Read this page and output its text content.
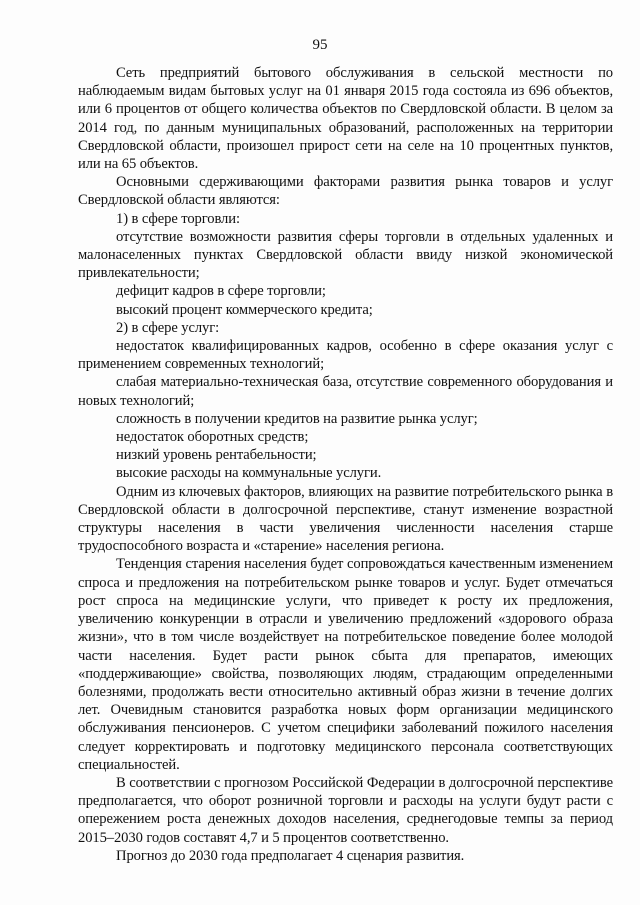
95

Сеть предприятий бытового обслуживания в сельской местности по наблюдаемым видам бытовых услуг на 01 января 2015 года состояла из 696 объектов, или 6 процентов от общего количества объектов по Свердловской области. В целом за 2014 год, по данным муниципальных образований, расположенных на территории Свердловской области, произошел прирост сети на селе на 10 процентных пунктов, или на 65 объектов.

Основными сдерживающими факторами развития рынка товаров и услуг Свердловской области являются:

1) в сфере торговли:

отсутствие возможности развития сферы торговли в отдельных удаленных и малонаселенных пунктах Свердловской области ввиду низкой экономической привлекательности;

дефицит кадров в сфере торговли;

высокий процент коммерческого кредита;

2) в сфере услуг:

недостаток квалифицированных кадров, особенно в сфере оказания услуг с применением современных технологий;

слабая материально-техническая база, отсутствие современного оборудования и новых технологий;

сложность в получении кредитов на развитие рынка услуг;

недостаток оборотных средств;

низкий уровень рентабельности;

высокие расходы на коммунальные услуги.

Одним из ключевых факторов, влияющих на развитие потребительского рынка в Свердловской области в долгосрочной перспективе, станут изменение возрастной структуры населения в части увеличения численности населения старше трудоспособного возраста и «старение» населения региона.

Тенденция старения населения будет сопровождаться качественным изменением спроса и предложения на потребительском рынке товаров и услуг. Будет отмечаться рост спроса на медицинские услуги, что приведет к росту их предложения, увеличению конкуренции в отрасли и увеличению предложений «здорового образа жизни», что в том числе воздействует на потребительское поведение более молодой части населения. Будет расти рынок сбыта для препаратов, имеющих «поддерживающие» свойства, позволяющих людям, страдающим определенными болезнями, продолжать вести относительно активный образ жизни в течение долгих лет. Очевидным становится разработка новых форм организации медицинского обслуживания пенсионеров. С учетом специфики заболеваний пожилого населения следует корректировать и подготовку медицинского персонала соответствующих специальностей.

В соответствии с прогнозом Российской Федерации в долгосрочной перспективе предполагается, что оборот розничной торговли и расходы на услуги будут расти с опережением роста денежных доходов населения, среднегодовые темпы за период 2015–2030 годов составят 4,7 и 5 процентов соответственно.

Прогноз до 2030 года предполагает 4 сценария развития.
